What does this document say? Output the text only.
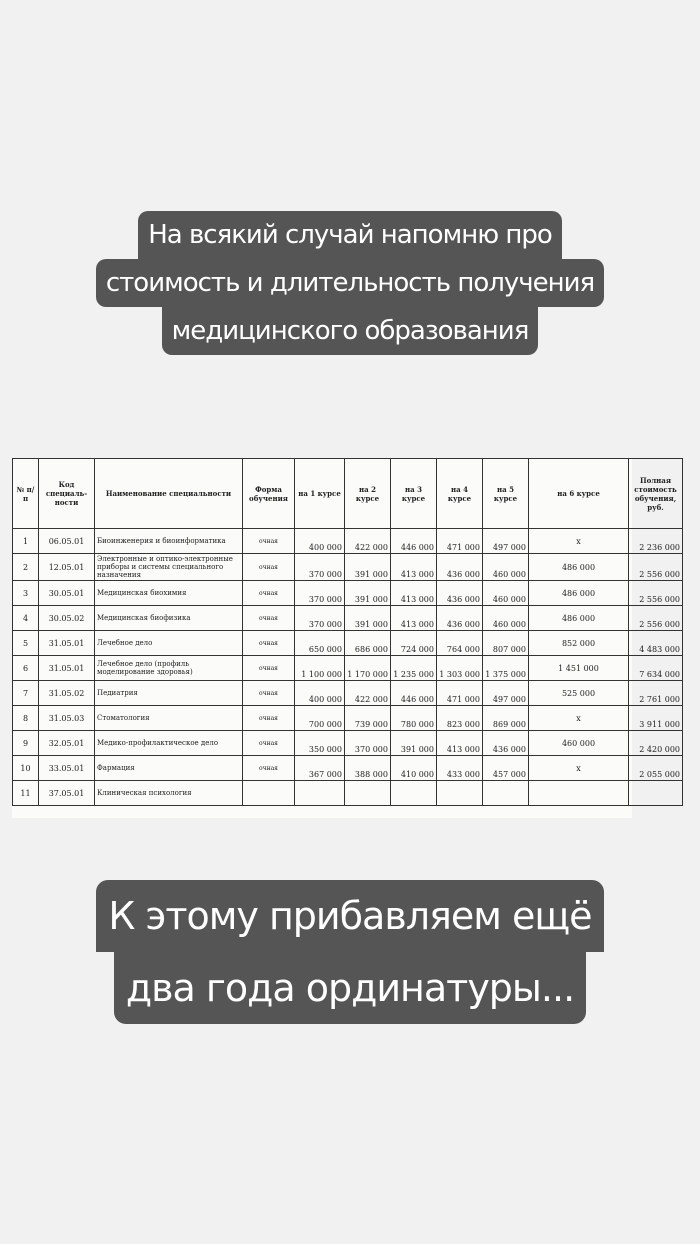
На всякий случай напомню про
стоимость и длительность получения
медицинского образования
№ п/п	Код специаль-ности	Наименование специальности	Форма обучения	на 1 курсе	на 2 курсе	на 3 курсе	на 4 курсе	на 5 курсе	на 6 курсе	Полная стоимость обучения, руб.
1	06.05.01	Биоинженерия и биоинформатика	очная	400 000	422 000	446 000	471 000	497 000	х	2 236 000
2	12.05.01	Электронные и оптико-электронные приборы и системы специального назначения	очная	370 000	391 000	413 000	436 000	460 000	486 000	2 556 000
3	30.05.01	Медицинская биохимия	очная	370 000	391 000	413 000	436 000	460 000	486 000	2 556 000
4	30.05.02	Медицинская биофизика	очная	370 000	391 000	413 000	436 000	460 000	486 000	2 556 000
5	31.05.01	Лечебное дело	очная	650 000	686 000	724 000	764 000	807 000	852 000	4 483 000
6	31.05.01	Лечебное дело (профиль моделирование здоровья)	очная	1 100 000	1 170 000	1 235 000	1 303 000	1 375 000	1 451 000	7 634 000
7	31.05.02	Педиатрия	очная	400 000	422 000	446 000	471 000	497 000	525 000	2 761 000
8	31.05.03	Стоматология	очная	700 000	739 000	780 000	823 000	869 000	х	3 911 000
9	32.05.01	Медико-профилактическое дело	очная	350 000	370 000	391 000	413 000	436 000	460 000	2 420 000
10	33.05.01	Фармация	очная	367 000	388 000	410 000	433 000	457 000	х	2 055 000
11	37.05.01	Клиническая психология								
К этому прибавляем ещё
два года ординатуры...
